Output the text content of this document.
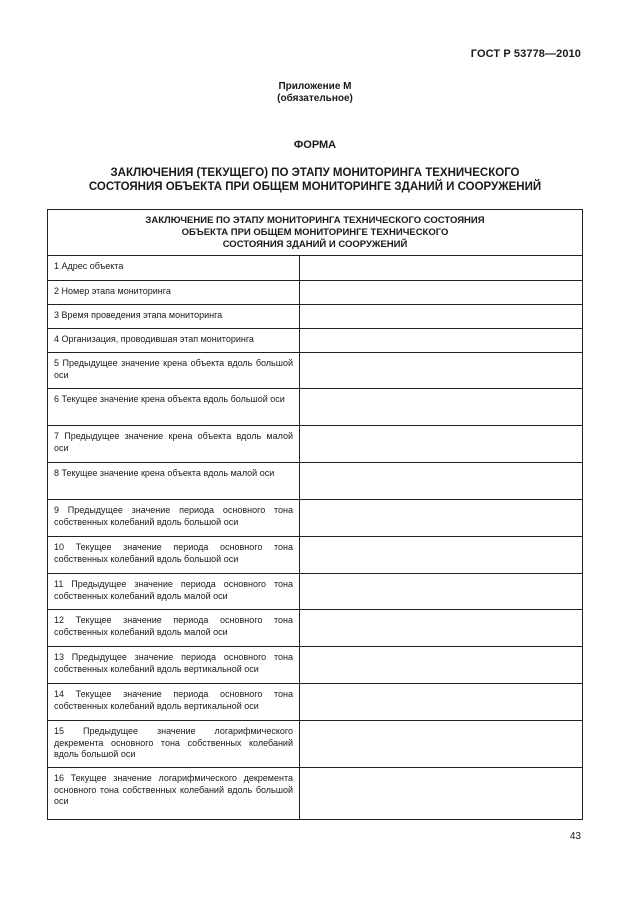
ГОСТ Р 53778—2010
Приложение М
(обязательное)
ФОРМА
ЗАКЛЮЧЕНИЯ (ТЕКУЩЕГО) ПО ЭТАПУ МОНИТОРИНГА ТЕХНИЧЕСКОГО
СОСТОЯНИЯ ОБЪЕКТА ПРИ ОБЩЕМ МОНИТОРИНГЕ ЗДАНИЙ И СООРУЖЕНИЙ
ЗАКЛЮЧЕНИЕ ПО ЭТАПУ МОНИТОРИНГА ТЕХНИЧЕСКОГО СОСТОЯНИЯ
ОБЪЕКТА ПРИ ОБЩЕМ МОНИТОРИНГЕ ТЕХНИЧЕСКОГО
СОСТОЯНИЯ ЗДАНИЙ И СООРУЖЕНИЙ	

1 Адрес объекта	
2 Номер этапа мониторинга	
3 Время проведения этапа мониторинга	
4 Организация, проводившая этап мониторинга	
5 Предыдущее значение крена объекта вдоль большой оси	
6 Текущее значение крена объекта вдоль большой оси	
7 Предыдущее значение крена объекта вдоль малой оси	
8 Текущее значение крена объекта вдоль малой оси	
9 Предыдущее значение периода основного тона собственных колебаний вдоль большой оси	
10 Текущее значение периода основного тона собственных колебаний вдоль большой оси	
11 Предыдущее значение периода основного тона собственных колебаний вдоль малой оси	
12 Текущее значение периода основного тона собственных колебаний вдоль малой оси	
13 Предыдущее значение периода основного тона собственных колебаний вдоль вертикальной оси	
14 Текущее значение периода основного тона собственных колебаний вдоль вертикальной оси	
15 Предыдущее значение логарифмического декремента основного тона собственных колебаний вдоль большой оси	
16 Текущее значение логарифмического декремента основного тона собственных колебаний вдоль большой оси	
43
